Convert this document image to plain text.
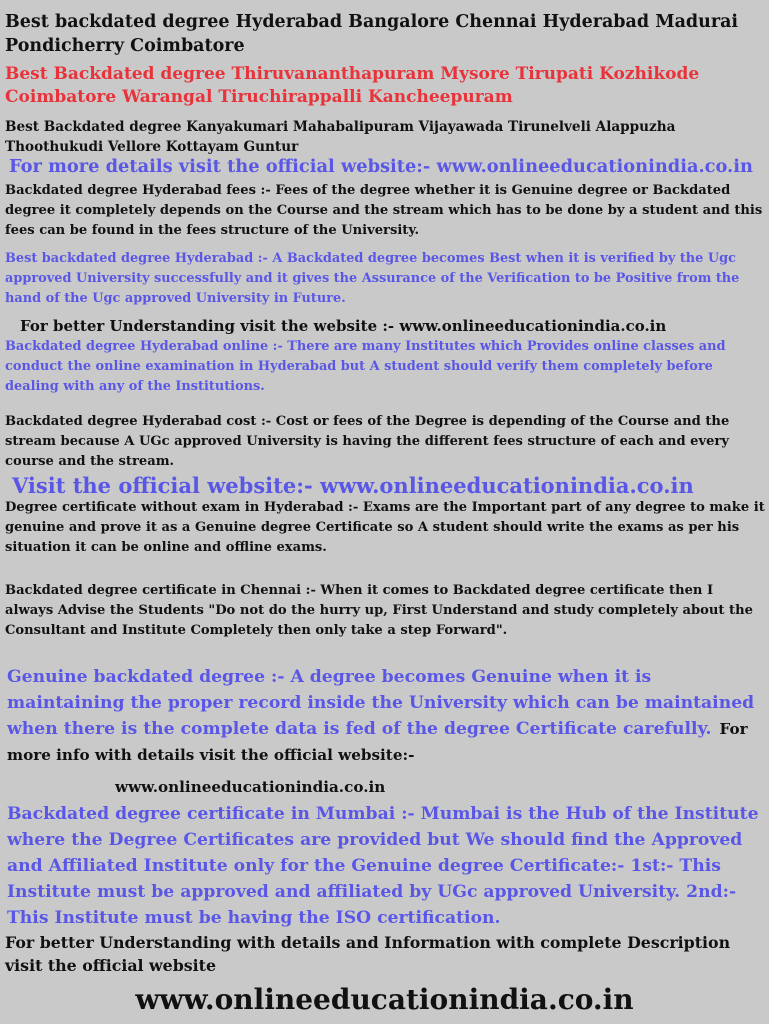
Best backdated degree Hyderabad Bangalore Chennai Hyderabad Madurai Pondicherry Coimbatore

Best Backdated degree Thiruvananthapuram Mysore Tirupati Kozhikode Coimbatore Warangal Tiruchirappalli Kancheepuram

Best Backdated degree Kanyakumari Mahabalipuram Vijayawada Tirunelveli Alappuzha Thoothukudi Vellore Kottayam Guntur

For more details visit the official website:- www.onlineeducationindia.co.in

Backdated degree Hyderabad fees :- Fees of the degree whether it is Genuine degree or Backdated degree it completely depends on the Course and the stream which has to be done by a student and this fees can be found in the fees structure of the University.

Best backdated degree Hyderabad :- A Backdated degree becomes Best when it is verified by the Ugc approved University successfully and it gives the Assurance of the Verification to be Positive from the hand of the Ugc approved University in Future.

For better Understanding visit the website :- www.onlineeducationindia.co.in

Backdated degree Hyderabad online :- There are many Institutes which Provides online classes and conduct the online examination in Hyderabad but A student should verify them completely before dealing with any of the Institutions.

Backdated degree Hyderabad cost :- Cost or fees of the Degree is depending of the Course and the stream because A UGc approved University is having the different fees structure of each and every course and the stream.

Visit the official website:- www.onlineeducationindia.co.in

Degree certificate without exam in Hyderabad :- Exams are the Important part of any degree to make it genuine and prove it as a Genuine degree Certificate so A student should write the exams as per his situation it can be online and offline exams.

Backdated degree certificate in Chennai :- When it comes to Backdated degree certificate then I always Advise the Students "Do not do the hurry up, First Understand and study completely about the Consultant and Institute Completely then only take a step Forward".

Genuine backdated degree :- A degree becomes Genuine when it is maintaining the proper record inside the University which can be maintained when there is the complete data is fed of the degree Certificate carefully. For more info with details visit the official website:-

www.onlineeducationindia.co.in

Backdated degree certificate in Mumbai :- Mumbai is the Hub of the Institute where the Degree Certificates are provided but We should find the Approved and Affiliated Institute only for the Genuine degree Certificate:- 1st:- This Institute must be approved and affiliated by UGc approved University. 2nd:- This Institute must be having the ISO certification.

For better Understanding with details and Information with complete Description visit the official website

www.onlineeducationindia.co.in
